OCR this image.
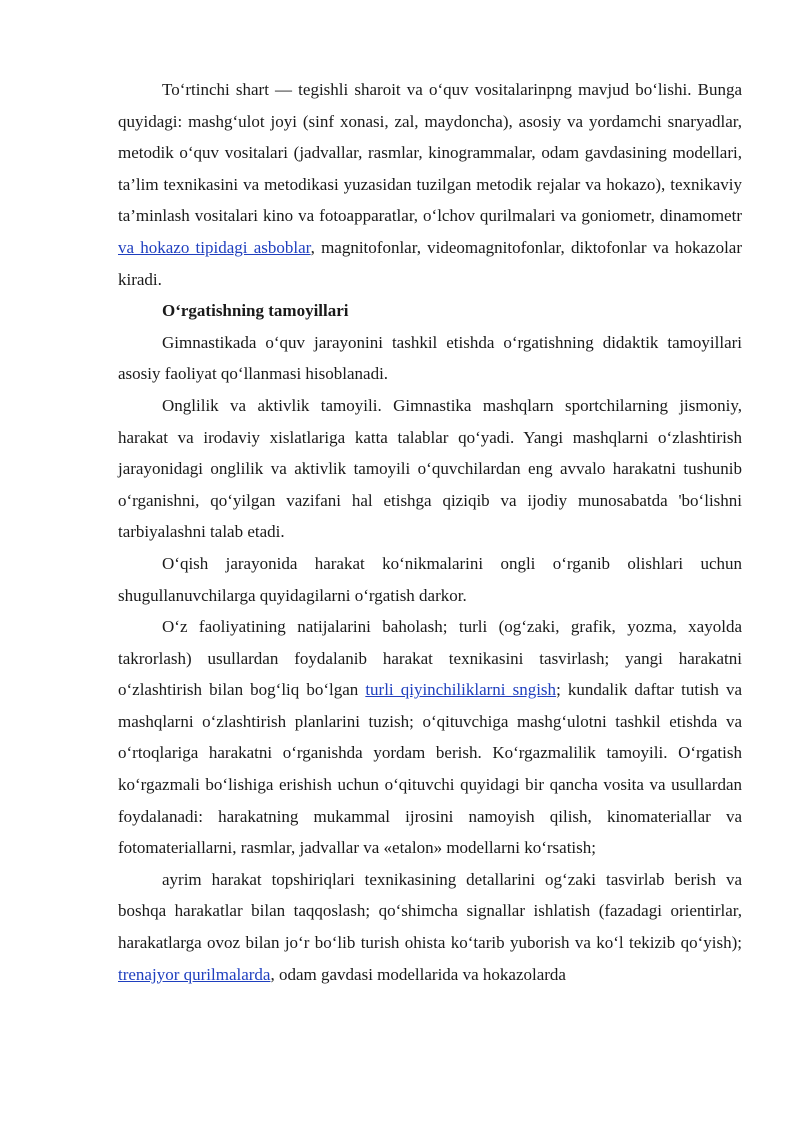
To‘rtinchi shart — tegishli sharoit va o‘quv vositalarinpng mavjud bo‘lishi. Bunga quyidagi: mashg‘ulot joyi (sinf xonasi, zal, maydoncha), asosiy va yordamchi snaryadlar, metodik o‘quv vositalari (jadvallar, rasmlar, kinogrammalar, odam gavdasining modellari, ta’lim texnikasini va metodikasi yuzasidan tuzilgan metodik rejalar va hokazo), texnikaviy ta’minlash vositalari kino va fotoapparatlar, o‘lchov qurilmalari va goniometr, dinamometr va hokazo tipidagi asboblar, magnitofonlar, videomagnitofonlar, diktofonlar va hokazolar kiradi.

O‘rgatishning tamoyillari

Gimnastikada o‘quv jarayonini tashkil etishda o‘rgatishning didaktik tamoyillari asosiy faoliyat qo‘llanmasi hisoblanadi.

Onglilik va aktivlik tamoyili. Gimnastika mashqlarn sportchilarning jismoniy, harakat va irodaviy xislatlariga katta talablar qo‘yadi. Yangi mashqlarni o‘zlashtirish jarayonidagi onglilik va aktivlik tamoyili o‘quvchilardan eng avvalo harakatni tushunib o‘rganishni, qo‘yilgan vazifani hal etishga qiziqib va ijodiy munosabatda 'bo‘lishni tarbiyalashni talab etadi.

O‘qish jarayonida harakat ko‘nikmalarini ongli o‘rganib olishlari uchun shugullanuvchilarga quyidagilarni o‘rgatish darkor.

O‘z faoliyatining natijalarini baholash; turli (og‘zaki, grafik, yozma, xayolda takrorlash) usullardan foydalanib harakat texnikasini tasvirlash; yangi harakatni o‘zlashtirish bilan bog‘liq bo‘lgan turli qiyinchiliklarni sngish; kundalik daftar tutish va mashqlarni o‘zlashtirish planlarini tuzish; o‘qituvchiga mashg‘ulotni tashkil etishda va o‘rtoqlariga harakatni o‘rganishda yordam berish. Ko‘rgazmalilik tamoyili. O‘rgatish ko‘rgazmali bo‘lishiga erishish uchun o‘qituvchi quyidagi bir qancha vosita va usullardan foydalanadi: harakatning mukammal ijrosini namoyish qilish, kinomateriallar va fotomateriallarni, rasmlar, jadvallar va «etalon» modellarni ko‘rsatish;

ayrim harakat topshiriqlari texnikasining detallarini og‘zaki tasvirlab berish va boshqa harakatlar bilan taqqoslash; qo‘shimcha signallar ishlatish (fazadagi orientirlar, harakatlarga ovoz bilan jo‘r bo‘lib turish ohista ko‘tarib yuborish va ko‘l tekizib qo‘yish); trenajyor qurilmalarda, odam gavdasi modellarida va hokazolarda
